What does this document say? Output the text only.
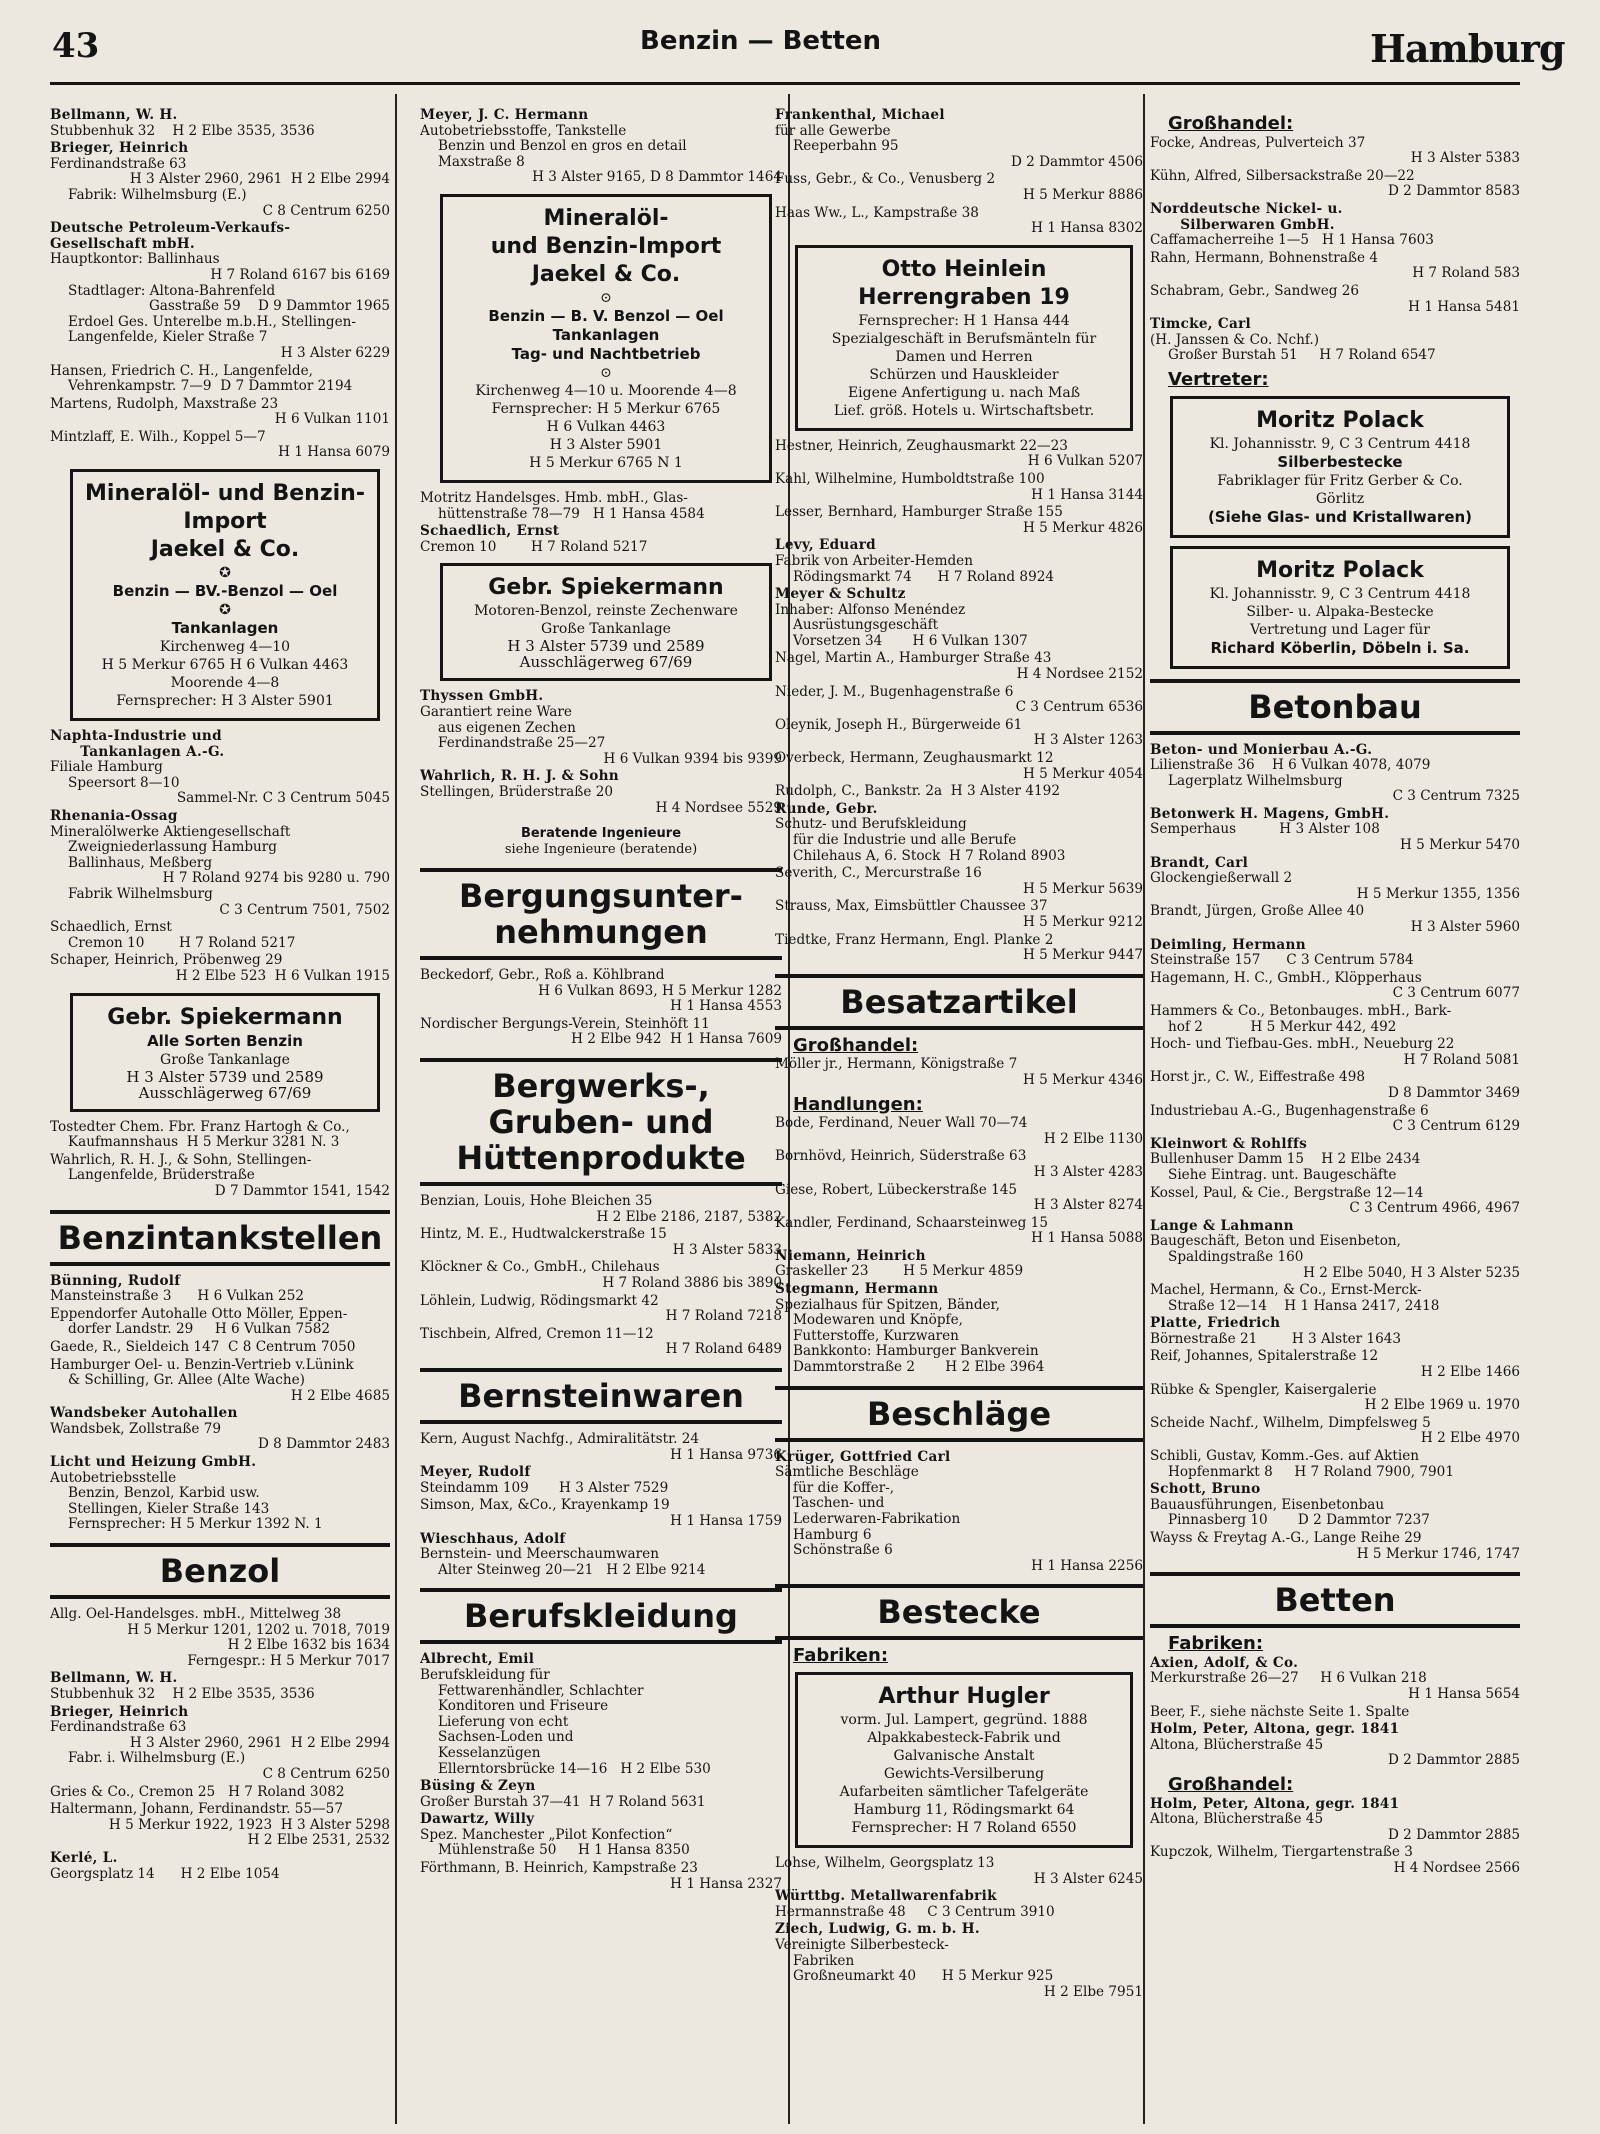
43	Benzin — Betten	Hamburg
Bellmann, W. H.
Stubbenhuk 32    H 2 Elbe 3535, 3536
Brieger, Heinrich
Ferdinandstraße 63
H 3 Alster 2960, 2961  H 2 Elbe 2994
Fabrik: Wilhelmsburg (E.)
C 8 Centrum 6250
Deutsche Petroleum-Verkaufs-
Gesellschaft mbH.
Hauptkontor: Ballinhaus
H 7 Roland 6167 bis 6169
Stadtlager: Altona-Bahrenfeld
Gasstraße 59    D 9 Dammtor 1965
Erdoel Ges. Unterelbe m.b.H., Stellingen-
Langenfelde, Kieler Straße 7
H 3 Alster 6229
Hansen, Friedrich C. H., Langenfelde,
Vehrenkampstr. 7—9  D 7 Dammtor 2194
Martens, Rudolph, Maxstraße 23
H 6 Vulkan 1101
Mintzlaff, E. Wilh., Koppel 5—7
H 1 Hansa 6079
Mineralöl- und Benzin-Import
Jaekel & Co.
✪
Benzin — BV.-Benzol — Oel
✪
Tankanlagen
Kirchenweg 4—10
H 5 Merkur 6765 H 6 Vulkan 4463
Moorende 4—8
Fernsprecher: H 3 Alster 5901
Naphta-Industrie und
Tankanlagen A.-G.
Filiale Hamburg
Speersort 8—10
Sammel-Nr. C 3 Centrum 5045
Rhenania-Ossag
Mineralölwerke Aktiengesellschaft
Zweigniederlassung Hamburg
Ballinhaus, Meßberg
H 7 Roland 9274 bis 9280 u. 790
Fabrik Wilhelmsburg
C 3 Centrum 7501, 7502
Schaedlich, Ernst
Cremon 10        H 7 Roland 5217
Schaper, Heinrich, Pröbenweg 29
H 2 Elbe 523  H 6 Vulkan 1915
Gebr. Spiekermann
Alle Sorten Benzin
Große Tankanlage
H 3 Alster 5739 und 2589
Ausschlägerweg 67/69
Tostedter Chem. Fbr. Franz Hartogh & Co.,
Kaufmannshaus  H 5 Merkur 3281 N. 3
Wahrlich, R. H. J., & Sohn, Stellingen-
Langenfelde, Brüderstraße
D 7 Dammtor 1541, 1542
Benzintankstellen
Bünning, Rudolf
Mansteinstraße 3      H 6 Vulkan 252
Eppendorfer Autohalle Otto Möller, Eppen-
dorfer Landstr. 29     H 6 Vulkan 7582
Gaede, R., Sieldeich 147  C 8 Centrum 7050
Hamburger Oel- u. Benzin-Vertrieb v.Lünink
& Schilling, Gr. Allee (Alte Wache)
H 2 Elbe 4685
Wandsbeker Autohallen
Wandsbek, Zollstraße 79
D 8 Dammtor 2483
Licht und Heizung GmbH.
Autobetriebsstelle
Benzin, Benzol, Karbid usw.
Stellingen, Kieler Straße 143
Fernsprecher: H 5 Merkur 1392 N. 1
Benzol
Allg. Oel-Handelsges. mbH., Mittelweg 38
H 5 Merkur 1201, 1202 u. 7018, 7019
H 2 Elbe 1632 bis 1634
Ferngespr.: H 5 Merkur 7017
Bellmann, W. H.
Stubbenhuk 32    H 2 Elbe 3535, 3536
Brieger, Heinrich
Ferdinandstraße 63
H 3 Alster 2960, 2961  H 2 Elbe 2994
Fabr. i. Wilhelmsburg (E.)
C 8 Centrum 6250
Gries & Co., Cremon 25   H 7 Roland 3082
Haltermann, Johann, Ferdinandstr. 55—57
H 5 Merkur 1922, 1923  H 3 Alster 5298
H 2 Elbe 2531, 2532
Kerlé, L.
Georgsplatz 14      H 2 Elbe 1054
Meyer, J. C. Hermann
Autobetriebsstoffe, Tankstelle
Benzin und Benzol en gros en detail
Maxstraße 8
H 3 Alster 9165, D 8 Dammtor 1464
Mineralöl-
und Benzin-Import
Jaekel & Co.
⊙
Benzin — B. V. Benzol — Oel
Tankanlagen
Tag- und Nachtbetrieb
⊙
Kirchenweg 4—10 u. Moorende 4—8
Fernsprecher: H 5 Merkur 6765
H 6 Vulkan 4463
H 3 Alster 5901
H 5 Merkur 6765 N 1
Motritz Handelsges. Hmb. mbH., Glas-
hüttenstraße 78—79   H 1 Hansa 4584
Schaedlich, Ernst
Cremon 10        H 7 Roland 5217
Gebr. Spiekermann
Motoren-Benzol, reinste Zechenware
Große Tankanlage
H 3 Alster 5739 und 2589
Ausschlägerweg 67/69
Thyssen GmbH.
Garantiert reine Ware
aus eigenen Zechen
Ferdinandstraße 25—27
H 6 Vulkan 9394 bis 9399
Wahrlich, R. H. J. & Sohn
Stellingen, Brüderstraße 20
H 4 Nordsee 5529
Beratende Ingenieure
siehe Ingenieure (beratende)
Bergungsunter-
nehmungen
Beckedorf, Gebr., Roß a. Köhlbrand
H 6 Vulkan 8693, H 5 Merkur 1282
H 1 Hansa 4553
Nordischer Bergungs-Verein, Steinhöft 11
H 2 Elbe 942  H 1 Hansa 7609
Bergwerks-,
Gruben- und
Hüttenprodukte
Benzian, Louis, Hohe Bleichen 35
H 2 Elbe 2186, 2187, 5382
Hintz, M. E., Hudtwalckerstraße 15
H 3 Alster 5833
Klöckner & Co., GmbH., Chilehaus
H 7 Roland 3886 bis 3890
Löhlein, Ludwig, Rödingsmarkt 42
H 7 Roland 7218
Tischbein, Alfred, Cremon 11—12
H 7 Roland 6489
Bernsteinwaren
Kern, August Nachfg., Admiralitätstr. 24
H 1 Hansa 9736
Meyer, Rudolf
Steindamm 109       H 3 Alster 7529
Simson, Max, &Co., Krayenkamp 19
H 1 Hansa 1759
Wieschhaus, Adolf
Bernstein- und Meerschaumwaren
Alter Steinweg 20—21   H 2 Elbe 9214
Berufskleidung
Albrecht, Emil
Berufskleidung für
Fettwarenhändler, Schlachter
Konditoren und Friseure
Lieferung von echt
Sachsen-Loden und
Kesselanzügen
Ellerntorsbrücke 14—16   H 2 Elbe 530
Büsing & Zeyn
Großer Burstah 37—41  H 7 Roland 5631
Dawartz, Willy
Spez. Manchester „Pilot Konfection“
Mühlenstraße 50     H 1 Hansa 8350
Förthmann, B. Heinrich, Kampstraße 23
H 1 Hansa 2327
Frankenthal, Michael
für alle Gewerbe
Reeperbahn 95
D 2 Dammtor 4506
Fuss, Gebr., & Co., Venusberg 2
H 5 Merkur 8886
Haas Ww., L., Kampstraße 38
H 1 Hansa 8302
Otto Heinlein
Herrengraben 19
Fernsprecher: H 1 Hansa 444
Spezialgeschäft in Berufsmänteln für
Damen und Herren
Schürzen und Hauskleider
Eigene Anfertigung u. nach Maß
Lief. größ. Hotels u. Wirtschaftsbetr.
Hestner, Heinrich, Zeughausmarkt 22—23
H 6 Vulkan 5207
Kahl, Wilhelmine, Humboldtstraße 100
H 1 Hansa 3144
Lesser, Bernhard, Hamburger Straße 155
H 5 Merkur 4826
Levy, Eduard
Fabrik von Arbeiter-Hemden
Rödingsmarkt 74      H 7 Roland 8924
Meyer & Schultz
Inhaber: Alfonso Menéndez
Ausrüstungsgeschäft
Vorsetzen 34       H 6 Vulkan 1307
Nagel, Martin A., Hamburger Straße 43
H 4 Nordsee 2152
Nieder, J. M., Bugenhagenstraße 6
C 3 Centrum 6536
Oleynik, Joseph H., Bürgerweide 61
H 3 Alster 1263
Overbeck, Hermann, Zeughausmarkt 12
H 5 Merkur 4054
Rudolph, C., Bankstr. 2a  H 3 Alster 4192
Runde, Gebr.
Schutz- und Berufskleidung
für die Industrie und alle Berufe
Chilehaus A, 6. Stock  H 7 Roland 8903
Severith, C., Mercurstraße 16
H 5 Merkur 5639
Strauss, Max, Eimsbüttler Chaussee 37
H 5 Merkur 9212
Tiedtke, Franz Hermann, Engl. Planke 2
H 5 Merkur 9447
Besatzartikel
Großhandel:
Möller jr., Hermann, Königstraße 7
H 5 Merkur 4346
Handlungen:
Bode, Ferdinand, Neuer Wall 70—74
H 2 Elbe 1130
Bornhövd, Heinrich, Süderstraße 63
H 3 Alster 4283
Giese, Robert, Lübeckerstraße 145
H 3 Alster 8274
Kandler, Ferdinand, Schaarsteinweg 15
H 1 Hansa 5088
Niemann, Heinrich
Graskeller 23        H 5 Merkur 4859
Stegmann, Hermann
Spezialhaus für Spitzen, Bänder,
Modewaren und Knöpfe,
Futterstoffe, Kurzwaren
Bankkonto: Hamburger Bankverein
Dammtorstraße 2       H 2 Elbe 3964
Beschläge
Krüger, Gottfried Carl
Sämtliche Beschläge
für die Koffer-,
Taschen- und
Lederwaren-Fabrikation
Hamburg 6
Schönstraße 6
H 1 Hansa 2256
Bestecke
Fabriken:
Arthur Hugler
vorm. Jul. Lampert, gegründ. 1888
Alpakkabesteck-Fabrik und
Galvanische Anstalt
Gewichts-Versilberung
Aufarbeiten sämtlicher Tafelgeräte
Hamburg 11, Rödingsmarkt 64
Fernsprecher: H 7 Roland 6550
Lohse, Wilhelm, Georgsplatz 13
H 3 Alster 6245
Württbg. Metallwarenfabrik
Hermannstraße 48     C 3 Centrum 3910
Ziech, Ludwig, G. m. b. H.
Vereinigte Silberbesteck-
Fabriken
Großneumarkt 40      H 5 Merkur 925
H 2 Elbe 7951
Großhandel:
Focke, Andreas, Pulverteich 37
H 3 Alster 5383
Kühn, Alfred, Silbersackstraße 20—22
D 2 Dammtor 8583
Norddeutsche Nickel- u.
Silberwaren GmbH.
Caffamacherreihe 1—5   H 1 Hansa 7603
Rahn, Hermann, Bohnenstraße 4
H 7 Roland 583
Schabram, Gebr., Sandweg 26
H 1 Hansa 5481
Timcke, Carl
(H. Janssen & Co. Nchf.)
Großer Burstah 51     H 7 Roland 6547
Vertreter:
Moritz Polack
Kl. Johannisstr. 9, C 3 Centrum 4418
Silberbestecke
Fabriklager für Fritz Gerber & Co.
Görlitz
(Siehe Glas- und Kristallwaren)
Moritz Polack
Kl. Johannisstr. 9, C 3 Centrum 4418
Silber- u. Alpaka-Bestecke
Vertretung und Lager für
Richard Köberlin, Döbeln i. Sa.
Betonbau
Beton- und Monierbau A.-G.
Lilienstraße 36    H 6 Vulkan 4078, 4079
Lagerplatz Wilhelmsburg
C 3 Centrum 7325
Betonwerk H. Magens, GmbH.
Semperhaus          H 3 Alster 108
H 5 Merkur 5470
Brandt, Carl
Glockengießerwall 2
H 5 Merkur 1355, 1356
Brandt, Jürgen, Große Allee 40
H 3 Alster 5960
Deimling, Hermann
Steinstraße 157      C 3 Centrum 5784
Hagemann, H. C., GmbH., Klöpperhaus
C 3 Centrum 6077
Hammers & Co., Betonbauges. mbH., Bark-
hof 2           H 5 Merkur 442, 492
Hoch- und Tiefbau-Ges. mbH., Neueburg 22
H 7 Roland 5081
Horst jr., C. W., Eiffestraße 498
D 8 Dammtor 3469
Industriebau A.-G., Bugenhagenstraße 6
C 3 Centrum 6129
Kleinwort & Rohlffs
Bullenhuser Damm 15    H 2 Elbe 2434
Siehe Eintrag. unt. Baugeschäfte
Kossel, Paul, & Cie., Bergstraße 12—14
C 3 Centrum 4966, 4967
Lange & Lahmann
Baugeschäft, Beton und Eisenbeton,
Spaldingstraße 160
H 2 Elbe 5040, H 3 Alster 5235
Machel, Hermann, & Co., Ernst-Merck-
Straße 12—14    H 1 Hansa 2417, 2418
Platte, Friedrich
Börnestraße 21        H 3 Alster 1643
Reif, Johannes, Spitalerstraße 12
H 2 Elbe 1466
Rübke & Spengler, Kaisergalerie
H 2 Elbe 1969 u. 1970
Scheide Nachf., Wilhelm, Dimpfelsweg 5
H 2 Elbe 4970
Schibli, Gustav, Komm.-Ges. auf Aktien
Hopfenmarkt 8     H 7 Roland 7900, 7901
Schott, Bruno
Bauausführungen, Eisenbetonbau
Pinnasberg 10       D 2 Dammtor 7237
Wayss & Freytag A.-G., Lange Reihe 29
H 5 Merkur 1746, 1747
Betten
Fabriken:
Axien, Adolf, & Co.
Merkurstraße 26—27     H 6 Vulkan 218
H 1 Hansa 5654
Beer, F., siehe nächste Seite 1. Spalte
Holm, Peter, Altona, gegr. 1841
Altona, Blücherstraße 45
D 2 Dammtor 2885
Großhandel:
Holm, Peter, Altona, gegr. 1841
Altona, Blücherstraße 45
D 2 Dammtor 2885
Kupczok, Wilhelm, Tiergartenstraße 3
H 4 Nordsee 2566
